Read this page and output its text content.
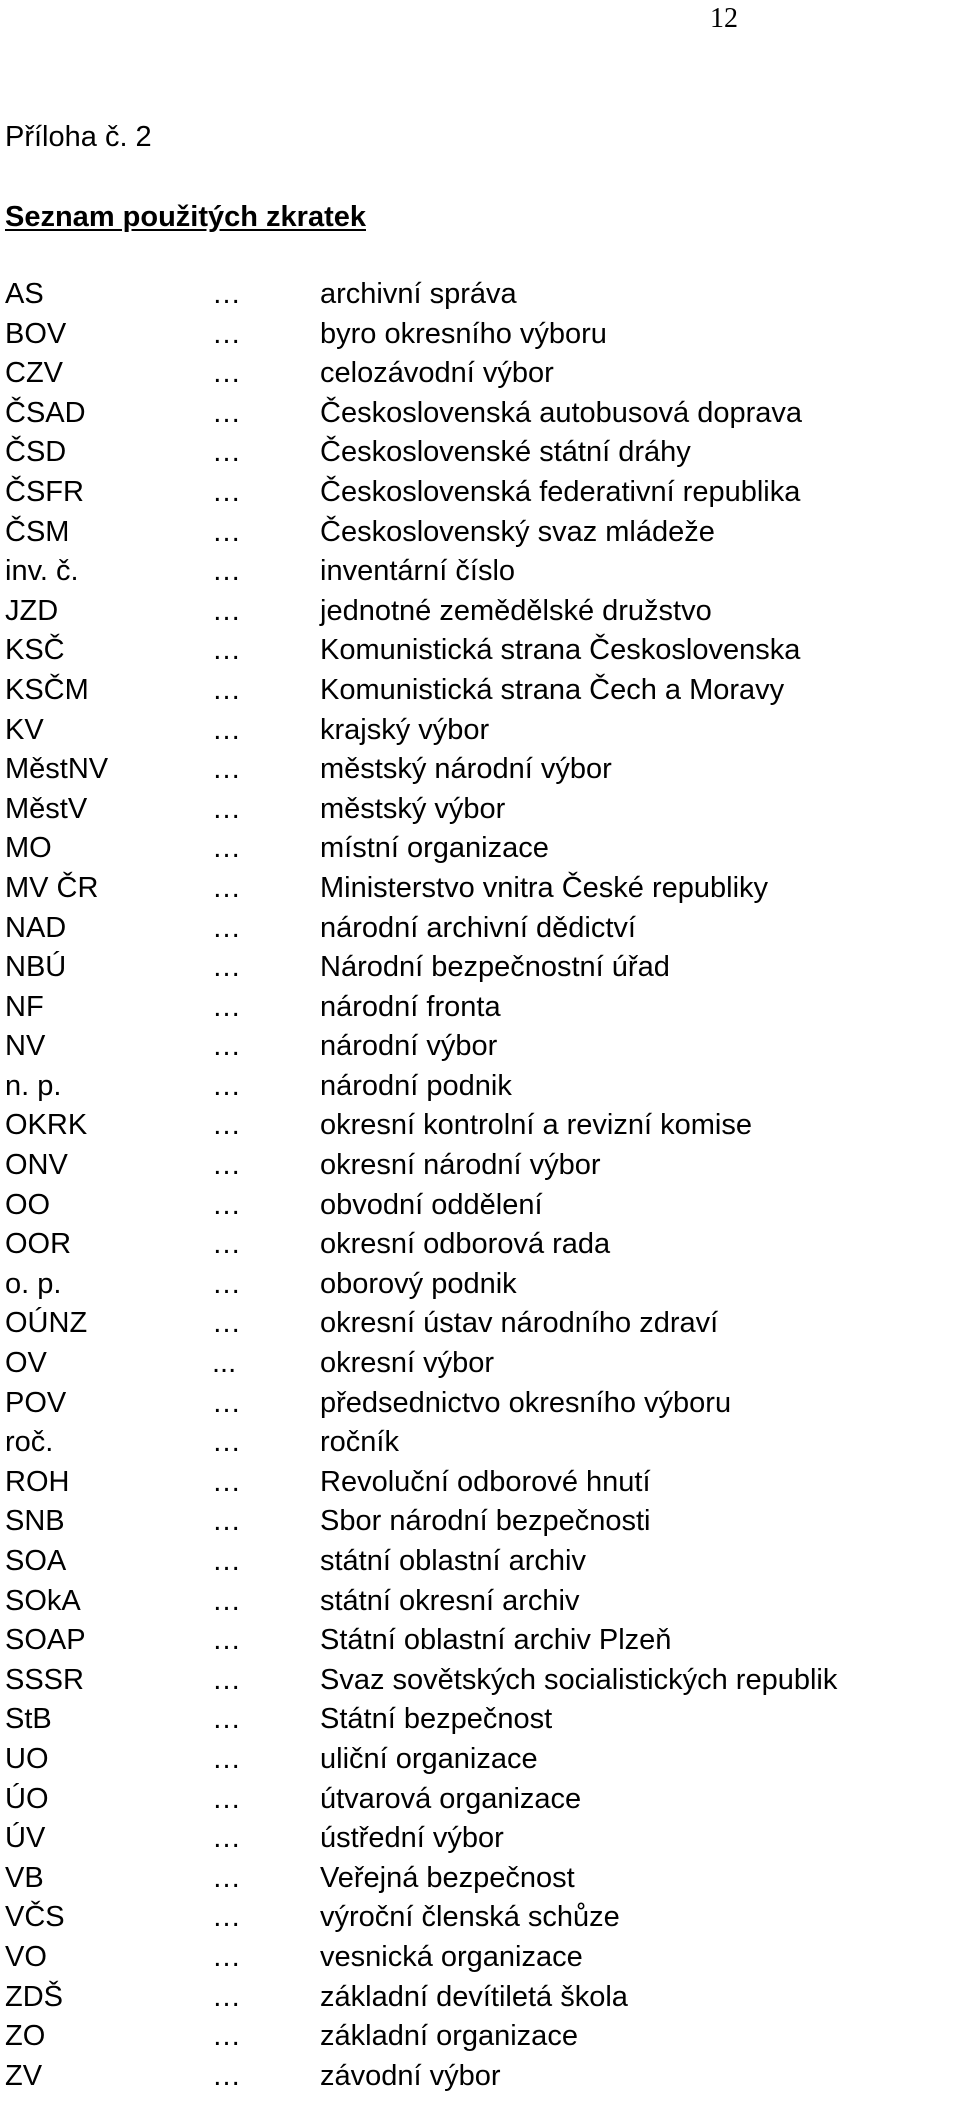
12
Příloha č. 2
Seznam použitých zkratek
AS	…	archivní správa
BOV	…	byro okresního výboru
CZV	…	celozávodní výbor
ČSAD	…	Československá autobusová doprava
ČSD	…	Československé státní dráhy
ČSFR	…	Československá federativní republika
ČSM	…	Československý svaz mládeže
inv. č.	…	inventární číslo
JZD	…	jednotné zemědělské družstvo
KSČ	…	Komunistická strana Československa
KSČM	…	Komunistická strana Čech a Moravy
KV	…	krajský výbor
MěstNV	…	městský národní výbor
MěstV	…	městský výbor
MO	…	místní organizace
MV ČR	…	Ministerstvo vnitra České republiky
NAD	…	národní archivní dědictví
NBÚ	…	Národní bezpečnostní úřad
NF	…	národní fronta
NV	…	národní výbor
n. p.	…	národní podnik
OKRK	…	okresní kontrolní a revizní komise
ONV	…	okresní národní výbor
OO	…	obvodní oddělení
OOR	…	okresní odborová rada
o. p.	…	oborový podnik
OÚNZ	…	okresní ústav národního zdraví
OV	...	okresní výbor
POV	…	předsednictvo okresního výboru
roč.	…	ročník
ROH	…	Revoluční odborové hnutí
SNB	…	Sbor národní bezpečnosti
SOA	…	státní oblastní archiv
SOkA	…	státní okresní archiv
SOAP	…	Státní oblastní archiv Plzeň
SSSR	…	Svaz sovětských socialistických republik
StB	…	Státní bezpečnost
UO	…	uliční organizace
ÚO	…	útvarová organizace
ÚV	…	ústřední výbor
VB	…	Veřejná bezpečnost
VČS	…	výroční členská schůze
VO	…	vesnická organizace
ZDŠ	…	základní devítiletá škola
ZO	…	základní organizace
ZV	…	závodní výbor
